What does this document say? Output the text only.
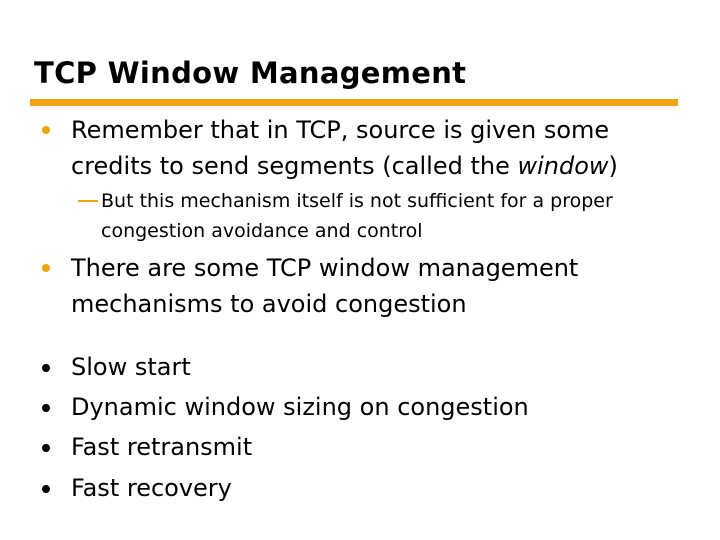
TCP Window Management
Remember that in TCP, source is given some
credits to send segments (called the window)
But this mechanism itself is not sufficient for a proper
congestion avoidance and control
There are some TCP window management
mechanisms to avoid congestion
Slow start
Dynamic window sizing on congestion
Fast retransmit
Fast recovery
